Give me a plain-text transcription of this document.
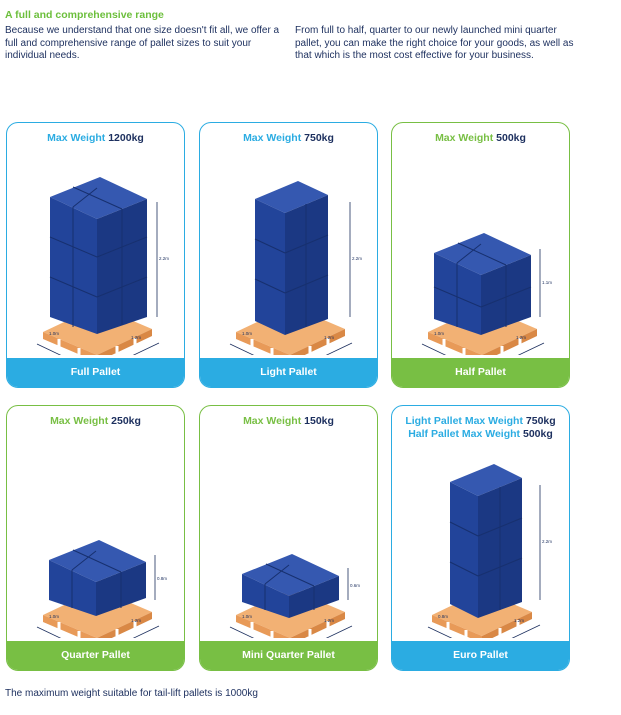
A full and comprehensive range
Because we understand that one size doesn't fit all, we offer a full and comprehensive range of pallet sizes to suit your individual needs.
From full to half, quarter to our newly launched mini quarter pallet, you can make the right choice for your goods, as well as that which is the most cost effective for your business.
Max Weight 1200kg
2.2m
1.0m
1.2m
Full Pallet
Max Weight 750kg
2.2m
1.0m
1.2m
Light Pallet
Max Weight 500kg
1.1m
1.0m
1.2m
Half Pallet
Max Weight 250kg
0.8m
1.0m
1.2m
Quarter Pallet
Max Weight 150kg
0.6m
1.0m
1.2m
Mini Quarter Pallet
Light Pallet Max Weight 750kg
Half Pallet Max Weight 500kg
2.2m
0.8m
1.2m
Euro Pallet
The maximum weight suitable for tail-lift pallets is 1000kg
